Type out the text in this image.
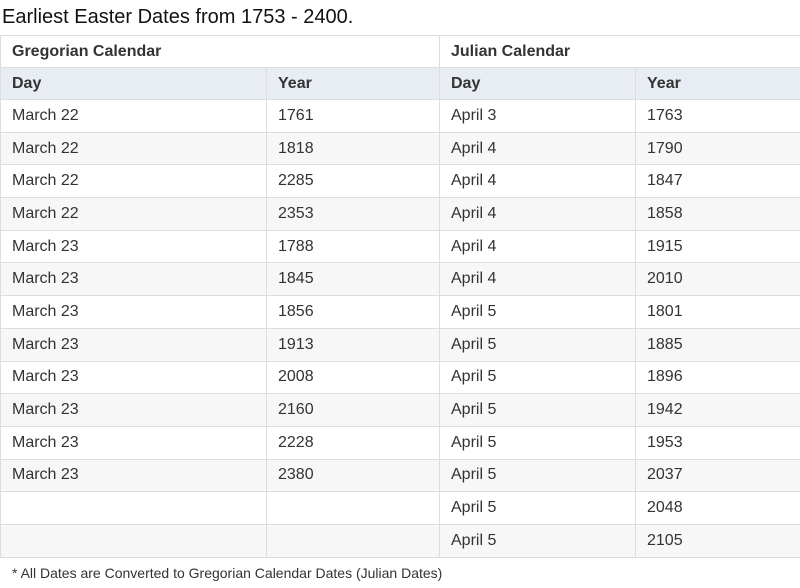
Earliest Easter Dates from 1753 - 2400.
Gregorian Calendar		Julian Calendar	
Day	Year	Day	Year
March 22	1761	April 3	1763
March 22	1818	April 4	1790
March 22	2285	April 4	1847
March 22	2353	April 4	1858
March 23	1788	April 4	1915
March 23	1845	April 4	2010
March 23	1856	April 5	1801
March 23	1913	April 5	1885
March 23	2008	April 5	1896
March 23	2160	April 5	1942
March 23	2228	April 5	1953
March 23	2380	April 5	2037
		April 5	2048
		April 5	2105
* All Dates are Converted to Gregorian Calendar Dates (Julian Dates)
